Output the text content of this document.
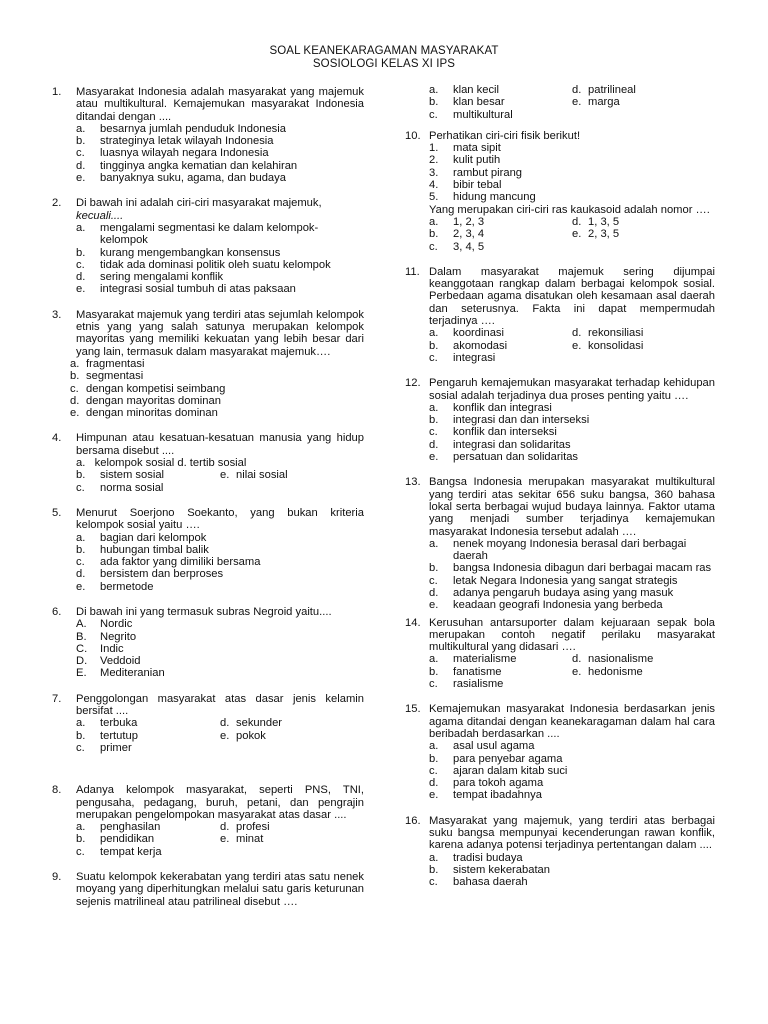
SOAL KEANEKARAGAMAN MASYARAKAT
SOSIOLOGI KELAS XI IPS
1.	Masyarakat Indonesia adalah masyarakat yang majemuk atau multikultural. Kemajemukan masyarakat Indonesia ditandai dengan ....
a.	besarnya jumlah penduduk Indonesia
b.	strateginya letak wilayah Indonesia
c.	luasnya wilayah negara Indonesia
d.	tingginya angka kematian dan kelahiran
e.	banyaknya suku, agama, dan budaya
2.	Di bawah ini adalah ciri-ciri masyarakat majemuk,
kecuali....
a.	mengalami segmentasi ke dalam kelompok-kelompok
b.	kurang mengembangkan konsensus
c.	tidak ada dominasi politik oleh suatu kelompok
d.	sering mengalami konflik
e.	integrasi sosial tumbuh di atas paksaan
3.	Masyarakat majemuk yang terdiri atas sejumlah kelompok etnis yang yang salah satunya merupakan kelompok mayoritas yang memiliki kekuatan yang lebih besar dari yang lain, termasuk dalam masyarakat majemuk….
a. fragmentasi
b. segmentasi
c. dengan kompetisi seimbang
d. dengan mayoritas dominan
e. dengan minoritas dominan
4.	Himpunan atau kesatuan-kesatuan manusia yang hidup bersama disebut ....
a.   kelompok sosial d. tertib sosial
b.	sistem sosial	e. nilai sosial
c.	norma sosial
5.	Menurut Soerjono Soekanto, yang bukan kriteria kelompok sosial yaitu ….
a.	bagian dari kelompok
b.	hubungan timbal balik
c.	ada faktor yang dimiliki bersama
d.	bersistem dan berproses
e.	bermetode
6.	Di bawah ini yang termasuk subras Negroid yaitu....
A.	Nordic
B.	Negrito
C.	Indic
D.	Veddoid
E.	Mediteranian
7.	Penggolongan masyarakat atas dasar jenis kelamin bersifat ....
a.	terbuka	d. sekunder
b.	tertutup	e. pokok
c.	primer
8.	Adanya kelompok masyarakat, seperti PNS, TNI, pengusaha, pedagang, buruh, petani, dan pengrajin merupakan pengelompokan masyarakat atas dasar ....
a.	penghasilan	d. profesi
b.	pendidikan	e. minat
c.	tempat kerja
9.	Suatu kelompok kekerabatan yang terdiri atas satu nenek moyang yang diperhitungkan melalui satu garis keturunan sejenis matrilineal atau patrilineal disebut ….
a.	klan kecil	d. patrilineal
b.	klan besar	e. marga
c.	multikultural
10. Perhatikan ciri-ciri fisik berikut!
1.	mata sipit
2.	kulit putih
3.	rambut pirang
4.	bibir tebal
5.	hidung mancung
Yang merupakan ciri-ciri ras kaukasoid adalah nomor ….
a.	1, 2, 3	d. 1, 3, 5
b.	2, 3, 4	e. 2, 3, 5
c.	3, 4, 5
11. Dalam masyarakat majemuk sering dijumpai keanggotaan rangkap dalam berbagai kelompok sosial. Perbedaan agama disatukan oleh kesamaan asal daerah dan seterusnya. Fakta ini dapat mempermudah terjadinya ….
a.	koordinasi	d. rekonsiliasi
b.	akomodasi	e. konsolidasi
c.	integrasi
12. Pengaruh kemajemukan masyarakat terhadap kehidupan sosial adalah terjadinya dua proses penting yaitu ….
a.	konflik dan integrasi
b.	integrasi dan dan interseksi
c.	konflik dan interseksi
d.	integrasi dan solidaritas
e.	persatuan dan solidaritas
13. Bangsa Indonesia merupakan masyarakat multikultural yang terdiri atas sekitar 656 suku bangsa, 360 bahasa lokal serta berbagai wujud budaya lainnya. Faktor utama yang menjadi sumber terjadinya kemajemukan masyarakat Indonesia tersebut adalah ….
a.	nenek moyang Indonesia berasal dari berbagai daerah
b.	bangsa Indonesia dibagun dari berbagai macam ras
c.	letak Negara Indonesia yang sangat strategis
d.	adanya pengaruh budaya asing yang masuk
e.	keadaan geografi Indonesia yang berbeda
14. Kerusuhan antarsuporter dalam kejuaraan sepak bola merupakan contoh negatif perilaku masyarakat multikultural yang didasari ….
a.	materialisme	d. nasionalisme
b.	fanatisme	e. hedonisme
c.	rasialisme
15. Kemajemukan masyarakat Indonesia berdasarkan jenis agama ditandai dengan keanekaragaman dalam hal cara beribadah berdasarkan ....
a.	asal usul agama
b.	para penyebar agama
c.	ajaran dalam kitab suci
d.	para tokoh agama
e.	tempat ibadahnya
16. Masyarakat yang majemuk, yang terdiri atas berbagai suku bangsa mempunyai kecenderungan rawan konflik, karena adanya potensi terjadinya pertentangan dalam ....
a.	tradisi budaya
b.	sistem kekerabatan
c.	bahasa daerah
